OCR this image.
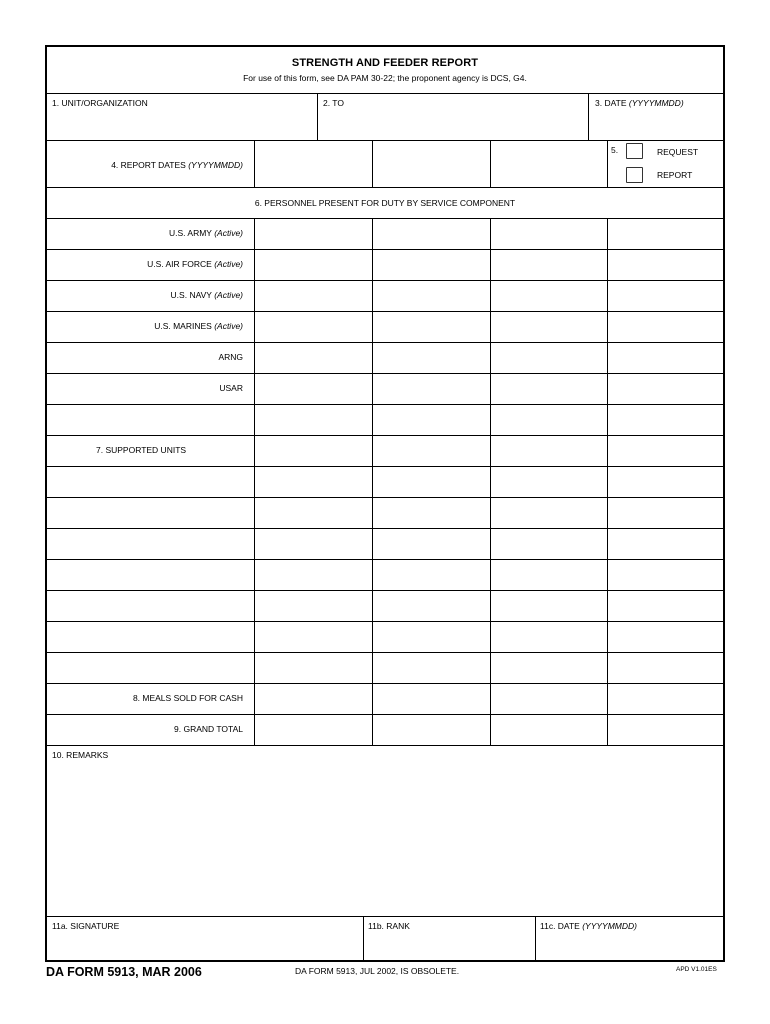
STRENGTH AND FEEDER REPORT
For use of this form, see DA PAM 30-22; the proponent agency is DCS, G4.
1. UNIT/ORGANIZATION	2. TO	3. DATE (YYYYMMDD)
4. REPORT DATES (YYYYMMDD)
5.	REQUEST
REPORT
6. PERSONNEL PRESENT FOR DUTY BY SERVICE COMPONENT
U.S. ARMY (Active)
U.S. AIR FORCE (Active)
U.S. NAVY (Active)
U.S. MARINES (Active)
ARNG
USAR
7. SUPPORTED UNITS
8. MEALS SOLD FOR CASH
9. GRAND TOTAL
10. REMARKS
11a. SIGNATURE	11b. RANK	11c. DATE (YYYYMMDD)
DA FORM 5913, MAR 2006	DA FORM 5913, JUL 2002, IS OBSOLETE.	APD V1.01ES
